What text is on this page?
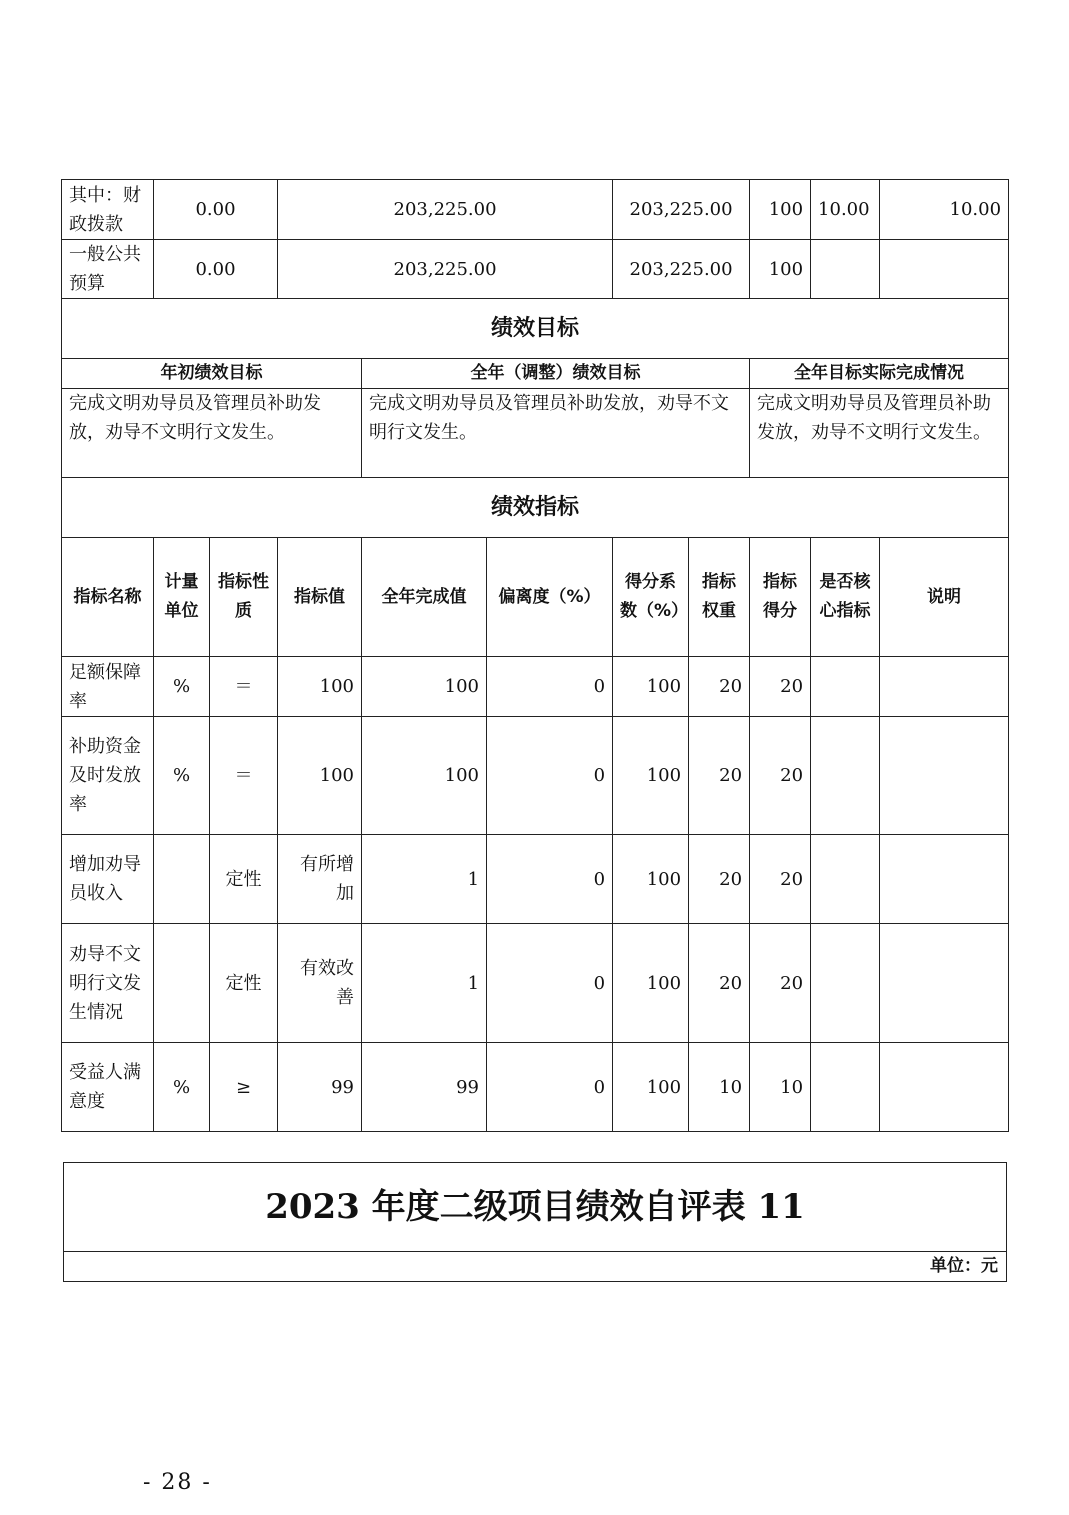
其中：财政拨款	0.00		203,225.00			203,225.00		100	10.00	10.00
一般公共预算	0.00		203,225.00			203,225.00		100		
绩效目标										
年初绩效目标				全年（调整）绩效目标				全年目标实际完成情况		
完成文明劝导员及管理员补助发放，劝导不文明行文发生。				完成文明劝导员及管理员补助发放，劝导不文明行文发生。				完成文明劝导员及管理员补助发放，劝导不文明行文发生。		
绩效指标										
指标名称	计量单位	指标性质	指标值	全年完成值	偏离度（%）	得分系数（%）	指标权重	指标得分	是否核心指标	说明
足额保障率	%	＝	100	100	0	100	20	20		
补助资金及时发放率	%	＝	100	100	0	100	20	20		
增加劝导员收入		定性	有所增加	1	0	100	20	20		
劝导不文明行文发生情况		定性	有效改善	1	0	100	20	20		
受益人满意度	%	≥	99	99	0	100	10	10		
2023 年度二级项目绩效自评表 11
单位：元
- 28 -
